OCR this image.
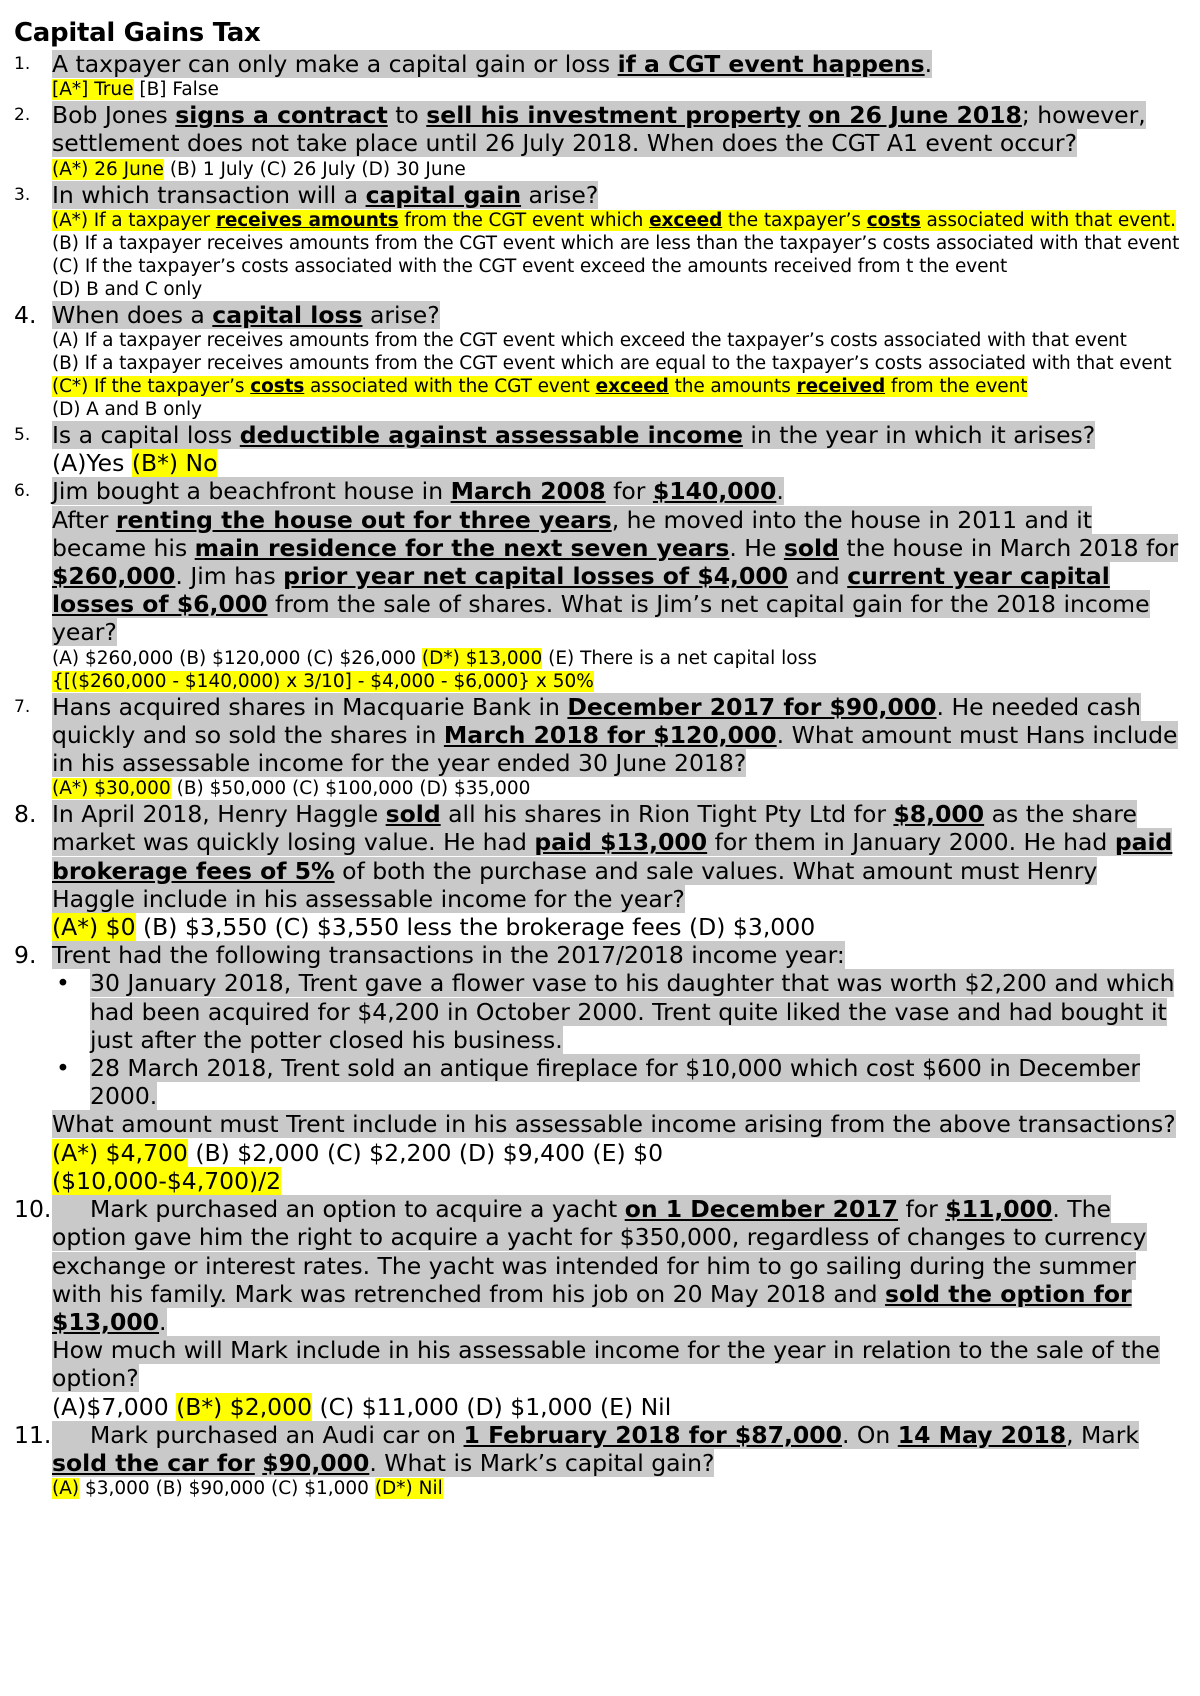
Capital Gains Tax
1. A taxpayer can only make a capital gain or loss if a CGT event happens.
[A*] True [B] False
2. Bob Jones signs a contract to sell his investment property on 26 June 2018; however, settlement does not take place until 26 July 2018. When does the CGT A1 event occur?
(A*) 26 June (B) 1 July (C) 26 July (D) 30 June
3. In which transaction will a capital gain arise?
(A*) If a taxpayer receives amounts from the CGT event which exceed the taxpayer’s costs associated with that event.
(B) If a taxpayer receives amounts from the CGT event which are less than the taxpayer’s costs associated with that event
(C) If the taxpayer’s costs associated with the CGT event exceed the amounts received from t the event
(D) B and C only
4. When does a capital loss arise?
(A) If a taxpayer receives amounts from the CGT event which exceed the taxpayer’s costs associated with that event
(B) If a taxpayer receives amounts from the CGT event which are equal to the taxpayer’s costs associated with that event
(C*) If the taxpayer’s costs associated with the CGT event exceed the amounts received from the event
(D) A and B only
5. Is a capital loss deductible against assessable income in the year in which it arises?
(A)Yes (B*) No
6. Jim bought a beachfront house in March 2008 for $140,000.
After renting the house out for three years, he moved into the house in 2011 and it became his main residence for the next seven years. He sold the house in March 2018 for $260,000. Jim has prior year net capital losses of $4,000 and current year capital losses of $6,000 from the sale of shares. What is Jim’s net capital gain for the 2018 income year?
(A) $260,000 (B) $120,000 (C) $26,000 (D*) $13,000 (E) There is a net capital loss
{[($260,000 - $140,000) x 3/10] - $4,000 - $6,000} x 50%
7. Hans acquired shares in Macquarie Bank in December 2017 for $90,000. He needed cash quickly and so sold the shares in March 2018 for $120,000. What amount must Hans include in his assessable income for the year ended 30 June 2018?
(A*) $30,000 (B) $50,000 (C) $100,000 (D) $35,000
8. In April 2018, Henry Haggle sold all his shares in Rion Tight Pty Ltd for $8,000 as the share market was quickly losing value. He had paid $13,000 for them in January 2000. He had paid brokerage fees of 5% of both the purchase and sale values. What amount must Henry Haggle include in his assessable income for the year?
(A*) $0 (B) $3,550 (C) $3,550 less the brokerage fees (D) $3,000
9. Trent had the following transactions in the 2017/2018 income year:
• 30 January 2018, Trent gave a flower vase to his daughter that was worth $2,200 and which had been acquired for $4,200 in October 2000. Trent quite liked the vase and had bought it just after the potter closed his business.
• 28 March 2018, Trent sold an antique fireplace for $10,000 which cost $600 in December 2000.
What amount must Trent include in his assessable income arising from the above transactions?
(A*) $4,700 (B) $2,000 (C) $2,200 (D) $9,400 (E) $0
($10,000-$4,700)/2
10. Mark purchased an option to acquire a yacht on 1 December 2017 for $11,000. The option gave him the right to acquire a yacht for $350,000, regardless of changes to currency exchange or interest rates. The yacht was intended for him to go sailing during the summer with his family. Mark was retrenched from his job on 20 May 2018 and sold the option for $13,000.
How much will Mark include in his assessable income for the year in relation to the sale of the option?
(A)$7,000 (B*) $2,000 (C) $11,000 (D) $1,000 (E) Nil
11. Mark purchased an Audi car on 1 February 2018 for $87,000. On 14 May 2018, Mark sold the car for $90,000. What is Mark’s capital gain?
(A) $3,000 (B) $90,000 (C) $1,000 (D*) Nil
